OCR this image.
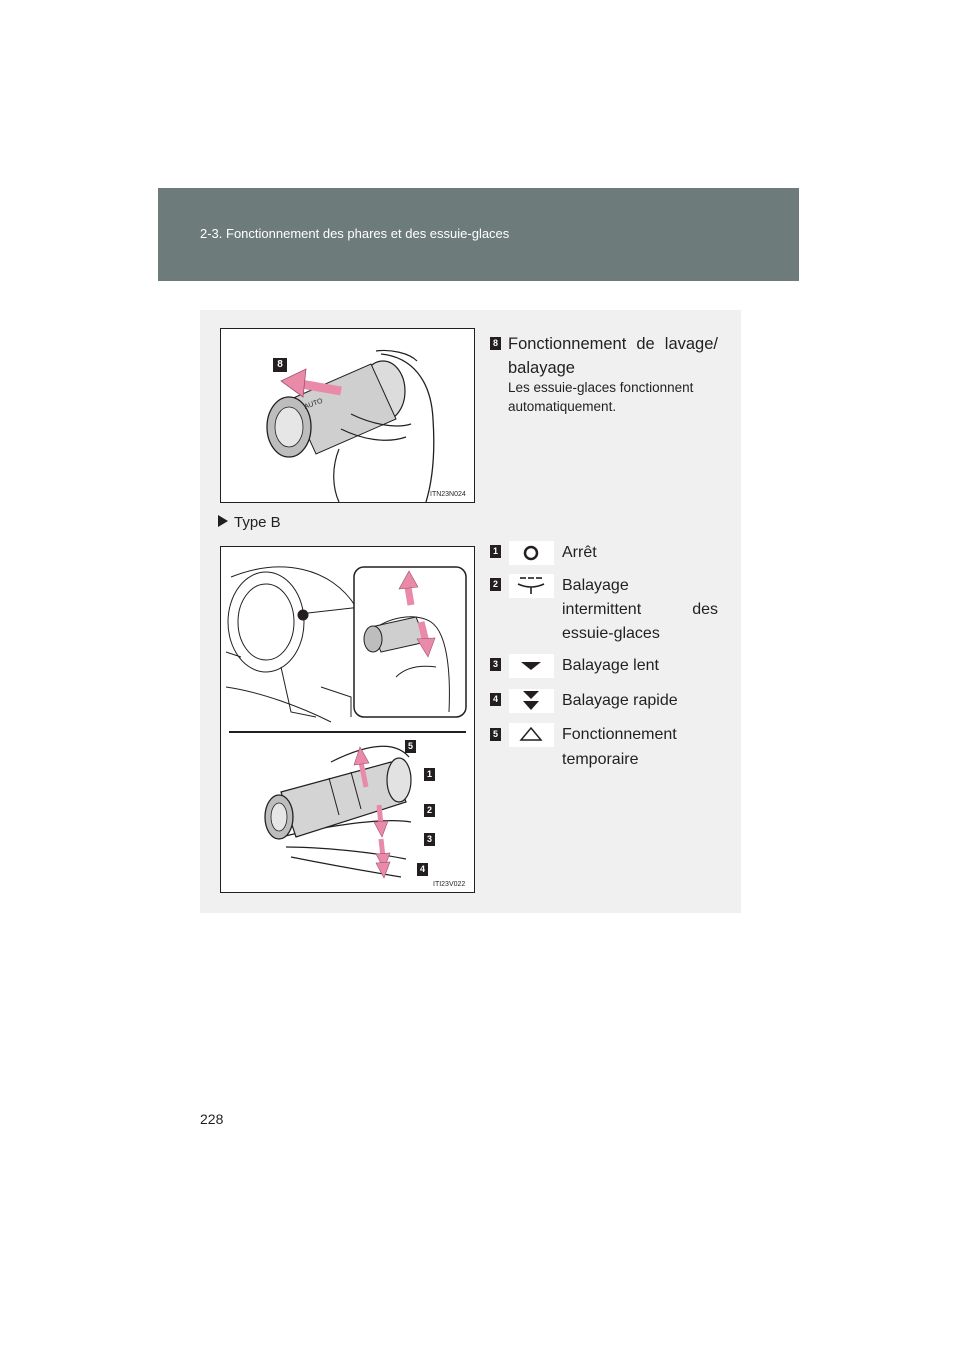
2-3. Fonctionnement des phares et des essuie-glaces
AUTO
8
ITN23N024
8 Fonctionnement de lavage/ balayage
Les essuie-glaces fonctionnent automatiquement.
Type B
5
1
2
3
4
ITI23V022
1	Arrêt
2	Balayage
intermittent des
essuie-glaces
3	Balayage lent
4	Balayage rapide
5	Fonctionnement
temporaire
228
